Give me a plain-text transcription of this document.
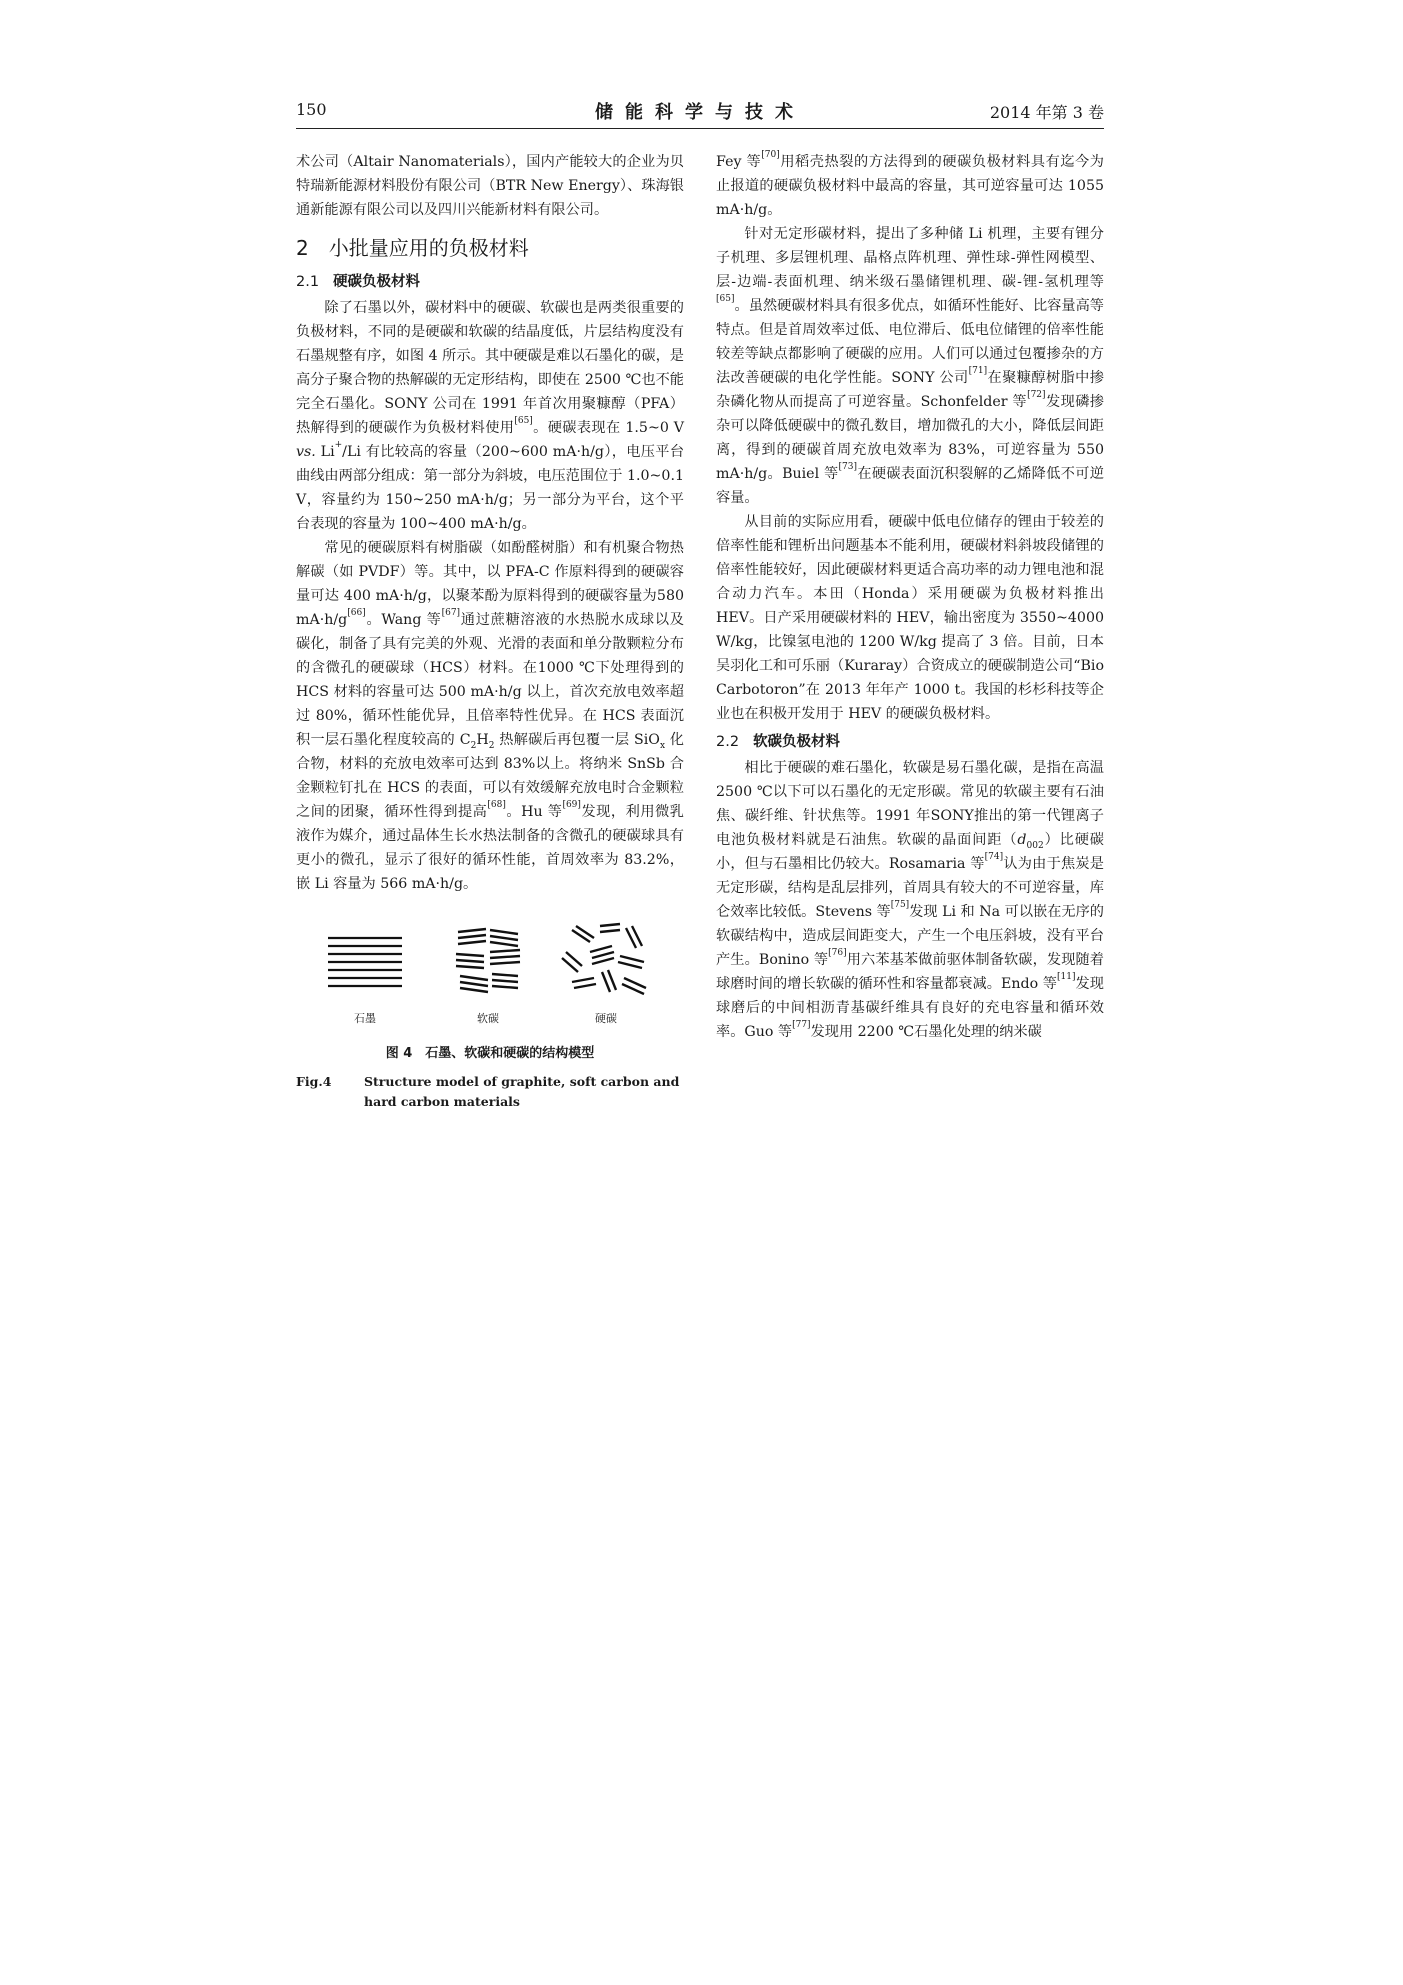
150	储能科学与技术	2014 年第 3 卷

术公司（Altair Nanomaterials），国内产能较大的企业为贝特瑞新能源材料股份有限公司（BTR New Energy）、珠海银通新能源有限公司以及四川兴能新材料有限公司。

2 小批量应用的负极材料
2.1 硬碳负极材料

除了石墨以外，碳材料中的硬碳、软碳也是两类很重要的负极材料，不同的是硬碳和软碳的结晶度低，片层结构度没有石墨规整有序，如图 4 所示。其中硬碳是难以石墨化的碳，是高分子聚合物的热解碳的无定形结构，即使在 2500 ℃也不能完全石墨化。SONY 公司在 1991 年首次用聚糠醇（PFA）热解得到的硬碳作为负极材料使用[65]。硬碳表现在 1.5~0 V vs. Li+/Li 有比较高的容量（200~600 mA·h/g），电压平台曲线由两部分组成：第一部分为斜坡，电压范围位于 1.0~0.1 V，容量约为 150~250 mA·h/g；另一部分为平台，这个平台表现的容量为 100~400 mA·h/g。

常见的硬碳原料有树脂碳（如酚醛树脂）和有机聚合物热解碳（如 PVDF）等。其中，以 PFA-C 作原料得到的硬碳容量可达 400 mA·h/g，以聚苯酚为原料得到的硬碳容量为580 mA·h/g[66]。Wang 等[67]通过蔗糖溶液的水热脱水成球以及碳化，制备了具有完美的外观、光滑的表面和单分散颗粒分布的含微孔的硬碳球（HCS）材料。在1000 ℃下处理得到的 HCS 材料的容量可达 500 mA·h/g 以上，首次充放电效率超过 80%，循环性能优异，且倍率特性优异。在 HCS 表面沉积一层石墨化程度较高的 $C_2H_2$ 热解碳后再包覆一层 SiO$_x$ 化合物，材料的充放电效率可达到 83%以上。将纳米 SnSb 合金颗粒钉扎在 HCS 的表面，可以有效缓解充放电时合金颗粒之间的团聚，循环性得到提高[68]。Hu 等[69]发现，利用微乳液作为媒介，通过晶体生长水热法制备的含微孔的硬碳球具有更小的微孔，显示了很好的循环性能，首周效率为 83.2%，嵌 Li 容量为 566 mA·h/g。

石墨	软碳	硬碳
图 4　石墨、软碳和硬碳的结构模型
Fig.4	Structure model of graphite, soft carbon and hard carbon materials

Fey 等[70]用稻壳热裂的方法得到的硬碳负极材料具有迄今为止报道的硬碳负极材料中最高的容量，其可逆容量可达 1055 mA·h/g。

针对无定形碳材料，提出了多种储 Li 机理，主要有锂分子机理、多层锂机理、晶格点阵机理、弹性球-弹性网模型、层-边端-表面机理、纳米级石墨储锂机理、碳-锂-氢机理等[65]。虽然硬碳材料具有很多优点，如循环性能好、比容量高等特点。但是首周效率过低、电位滞后、低电位储锂的倍率性能较差等缺点都影响了硬碳的应用。人们可以通过包覆掺杂的方法改善硬碳的电化学性能。SONY 公司[71]在聚糠醇树脂中掺杂磷化物从而提高了可逆容量。Schonfelder 等[72]发现磷掺杂可以降低硬碳中的微孔数目，增加微孔的大小，降低层间距离，得到的硬碳首周充放电效率为 83%，可逆容量为 550 mA·h/g。Buiel 等[73]在硬碳表面沉积裂解的乙烯降低不可逆容量。

从目前的实际应用看，硬碳中低电位储存的锂由于较差的倍率性能和锂析出问题基本不能利用，硬碳材料斜坡段储锂的倍率性能较好，因此硬碳材料更适合高功率的动力锂电池和混合动力汽车。本田（Honda）采用硬碳为负极材料推出 HEV。日产采用硬碳材料的 HEV，输出密度为 3550~4000 W/kg，比镍氢电池的 1200 W/kg 提高了 3 倍。目前，日本吴羽化工和可乐丽（Kuraray）合资成立的硬碳制造公司“Bio Carbotoron”在 2013 年年产 1000 t。我国的杉杉科技等企业也在积极开发用于 HEV 的硬碳负极材料。

2.2 软碳负极材料

相比于硬碳的难石墨化，软碳是易石墨化碳，是指在高温 2500 ℃以下可以石墨化的无定形碳。常见的软碳主要有石油焦、碳纤维、针状焦等。1991 年SONY推出的第一代锂离子电池负极材料就是石油焦。软碳的晶面间距$(d_{002})$比硬碳小，但与石墨相比仍较大。Rosamaria 等[74]认为由于焦炭是无定形碳，结构是乱层排列，首周具有较大的不可逆容量，库仑效率比较低。Stevens 等[75]发现 Li 和 Na 可以嵌在无序的软碳结构中，造成层间距变大，产生一个电压斜坡，没有平台产生。Bonino 等[76]用六苯基苯做前驱体制备软碳，发现随着球磨时间的增长软碳的循环性和容量都衰减。Endo 等[11]发现球磨后的中间相沥青基碳纤维具有良好的充电容量和循环效率。Guo 等[77]发现用 2200 ℃石墨化处理的纳米碳
